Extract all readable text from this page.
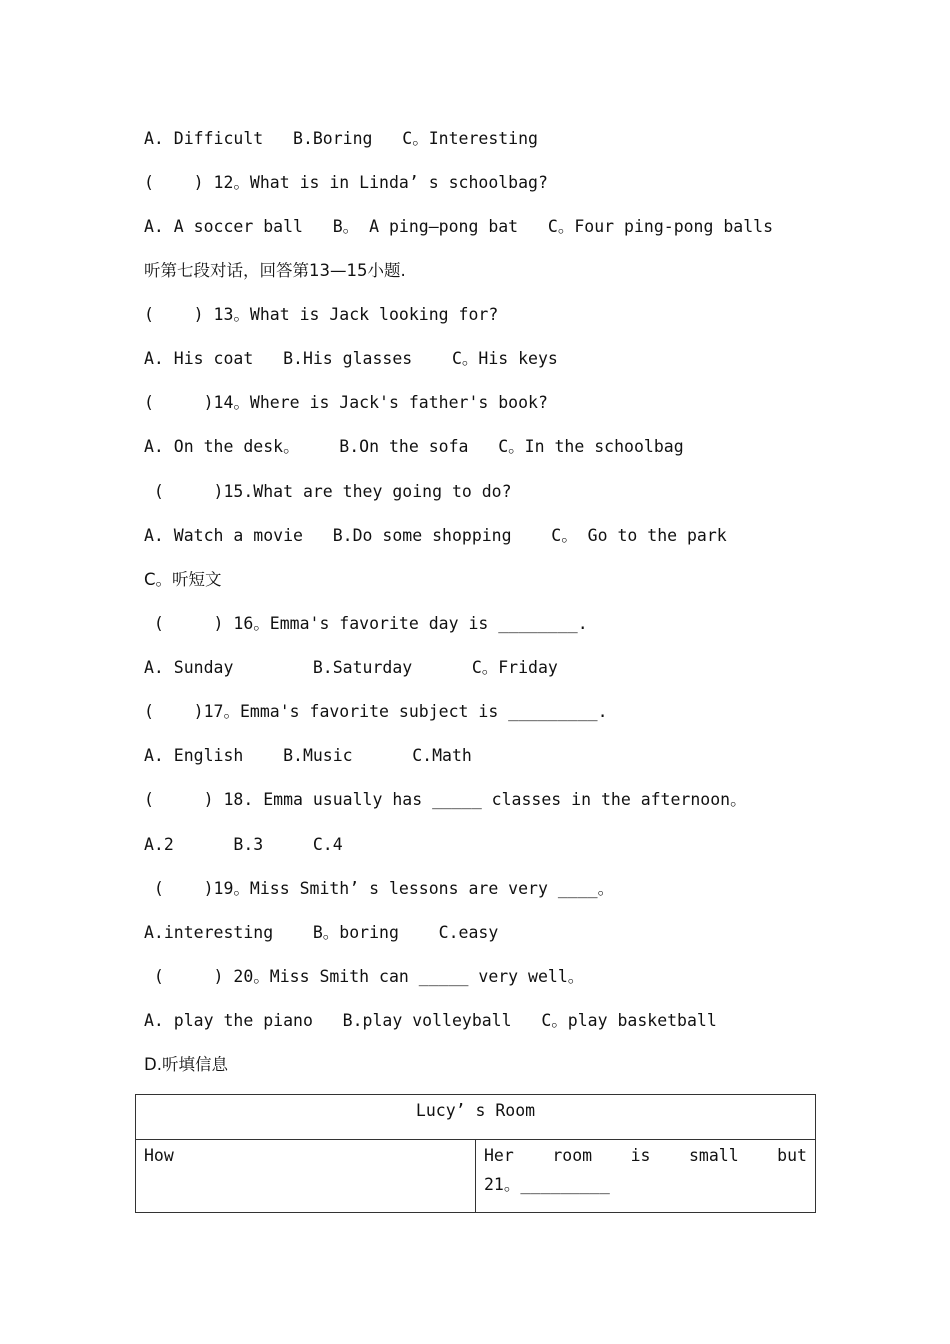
A. Difficult   B.Boring   C。Interesting
(    ) 12。What is in Linda’ s schoolbag?
A. A soccer ball   B。 A ping—pong bat   C。Four ping-pong balls
听第七段对话，回答第13—15小题.
(    ) 13。What is Jack looking for?
A. His coat   B.His glasses    C。His keys
(     )14。Where is Jack's father's book?
A. On the desk。    B.On the sofa   C。In the schoolbag
(     )15.What are they going to do?
A. Watch a movie   B.Do some shopping    C。 Go to the park
C。听短文
(     ) 16。Emma's favorite day is ________.
A. Sunday        B.Saturday      C。Friday
(    )17。Emma's favorite subject is _________.
A. English    B.Music      C.Math
(     ) 18. Emma usually has _____ classes in the afternoon。
A.2      B.3     C.4
(    )19。Miss Smith’ s lessons are very ____。
A.interesting    B。boring    C.easy
(     ) 20。Miss Smith can _____ very well。
A. play the piano   B.play volleyball   C。play basketball
D.听填信息
Lucy’ s Room
How	Her room is small but
21。_________
